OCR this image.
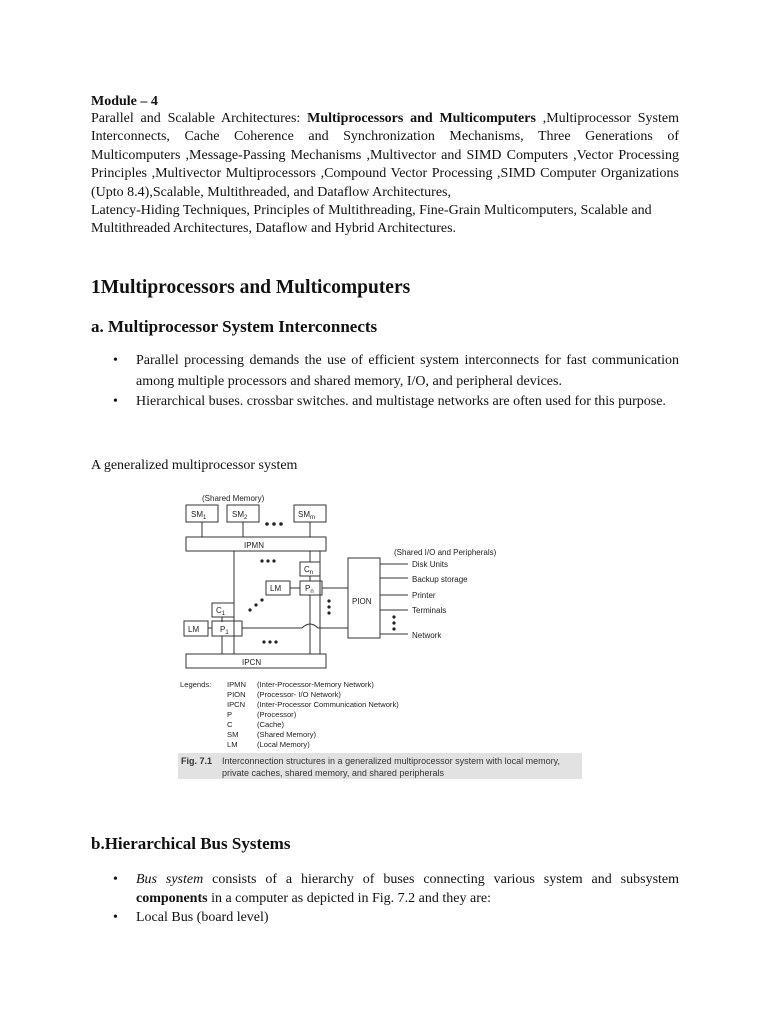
Module – 4
Parallel and Scalable Architectures: Multiprocessors and Multicomputers ,Multiprocessor System Interconnects, Cache Coherence and Synchronization Mechanisms, Three Generations of Multicomputers ,Message-Passing Mechanisms ,Multivector and SIMD Computers ,Vector Processing Principles ,Multivector Multiprocessors ,Compound Vector Processing ,SIMD Computer Organizations (Upto 8.4),Scalable, Multithreaded, and Dataflow Architectures,
Latency-Hiding Techniques, Principles of Multithreading, Fine-Grain Multicomputers, Scalable and Multithreaded Architectures, Dataflow and Hybrid Architectures.
1Multiprocessors and Multicomputers
a. Multiprocessor System Interconnects
• Parallel processing demands the use of efficient system interconnects for fast communication among multiple processors and shared memory, I/O, and peripheral devices.
• Hierarchical buses. crossbar switches. and multistage networks are often used for this purpose.
A generalized multiprocessor system
(Shared Memory)
$SM_1$	$SM_2$	$SM_m$
IPMN
$C_n$
$P_n$
LM
$C_1$
$P_1$
LM
IPCN
PION
(Shared I/O and Peripherals)
Disk Units
Backup storage
Printer
Terminals
Network
Legends: IPMN
PION
IPCN
P
C
SM
LM
(Inter-Processor-Memory Network)
(Processor- I/O Network)
(Inter-Processor Communication Network)
(Processor)
(Cache)
(Shared Memory)
(Local Memory)
Fig. 7.1 Interconnection structures in a generalized multiprocessor system with local memory, private caches, shared memory, and shared peripherals
b.Hierarchical Bus Systems
• Bus system consists of a hierarchy of buses connecting various system and subsystem components in a computer as depicted in Fig. 7.2 and they are:
• Local Bus (board level)
